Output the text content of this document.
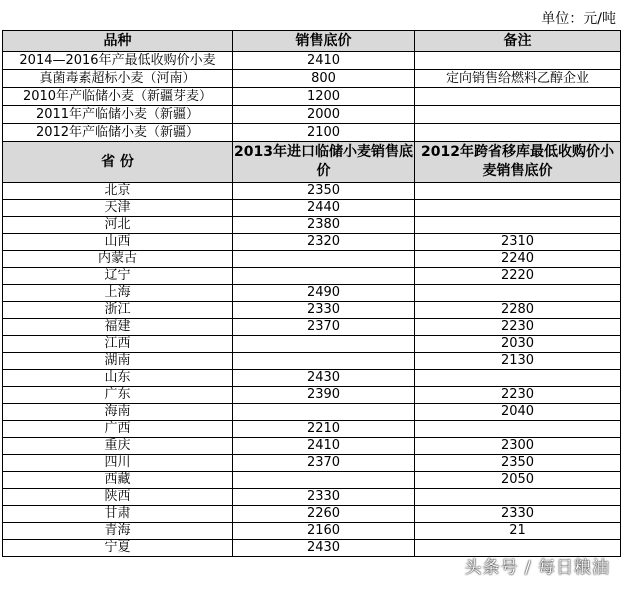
单位：元/吨
品种	销售底价	备注
2014—2016年产最低收购价小麦	2410	
真菌毒素超标小麦（河南）	800	定向销售给燃料乙醇企业
2010年产临储小麦（新疆芽麦）	1200	
2011年产临储小麦（新疆）	2000	
2012年产临储小麦（新疆）	2100	
省 份	2013年进口临储小麦销售底价	2012年跨省移库最低收购价小麦销售底价
北京	2350	
天津	2440	
河北	2380	
山西	2320	2310
内蒙古		2240
辽宁		2220
上海	2490	
浙江	2330	2280
福建	2370	2230
江西		2030
湖南		2130
山东	2430	
广东	2390	2230
海南		2040
广西	2210	
重庆	2410	2300
四川	2370	2350
西藏		2050
陕西	2330	
甘肃	2260	2330
青海	2160	21
宁夏	2430	
头条号 / 每日粮油
